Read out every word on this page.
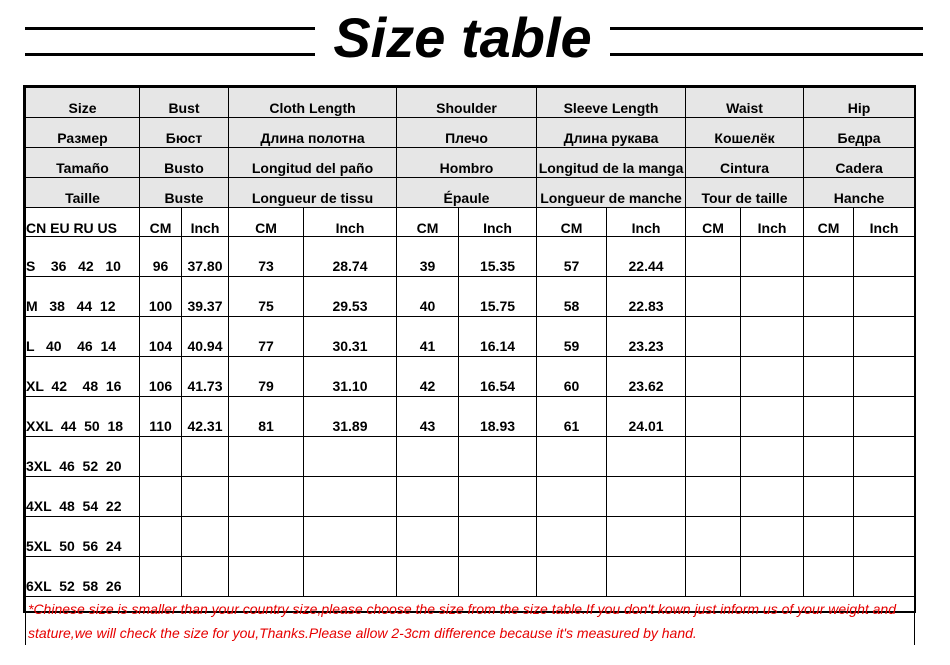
Size table
Size	Bust		Cloth Length		Shoulder		Sleeve Length		Waist		Hip	
Размер	Бюст		Длина полотна		Плечо		Длина рукава		Кошелёк		Бедра	
Tamaño	Busto		Longitud del paño		Hombro		Longitud de la manga		Cintura		Cadera	
Taille	Buste		Longueur de tissu		Épaule		Longueur de manche		Tour de taille		Hanche	
CN EU RU US	CM	Inch	CM	Inch	CM	Inch	CM	Inch	CM	Inch	CM	Inch
S    36   42   10	96	37.80	73	28.74	39	15.35	57	22.44				
M   38   44  12	100	39.37	75	29.53	40	15.75	58	22.83				
L   40    46  14	104	40.94	77	30.31	41	16.14	59	23.23				
XL  42    48  16	106	41.73	79	31.10	42	16.54	60	23.62				
XXL  44  50  18	110	42.31	81	31.89	43	18.93	61	24.01				
3XL  46  52  20												
4XL  48  54  22												
5XL  50  56  24												
6XL  52  58  26												
*Chinese size is smaller than your country size,please choose the size from the size table.If you don't kown just inform us of your weight and stature,we will check the size for you,Thanks.Please allow 2-3cm difference because it's measured by hand.												
